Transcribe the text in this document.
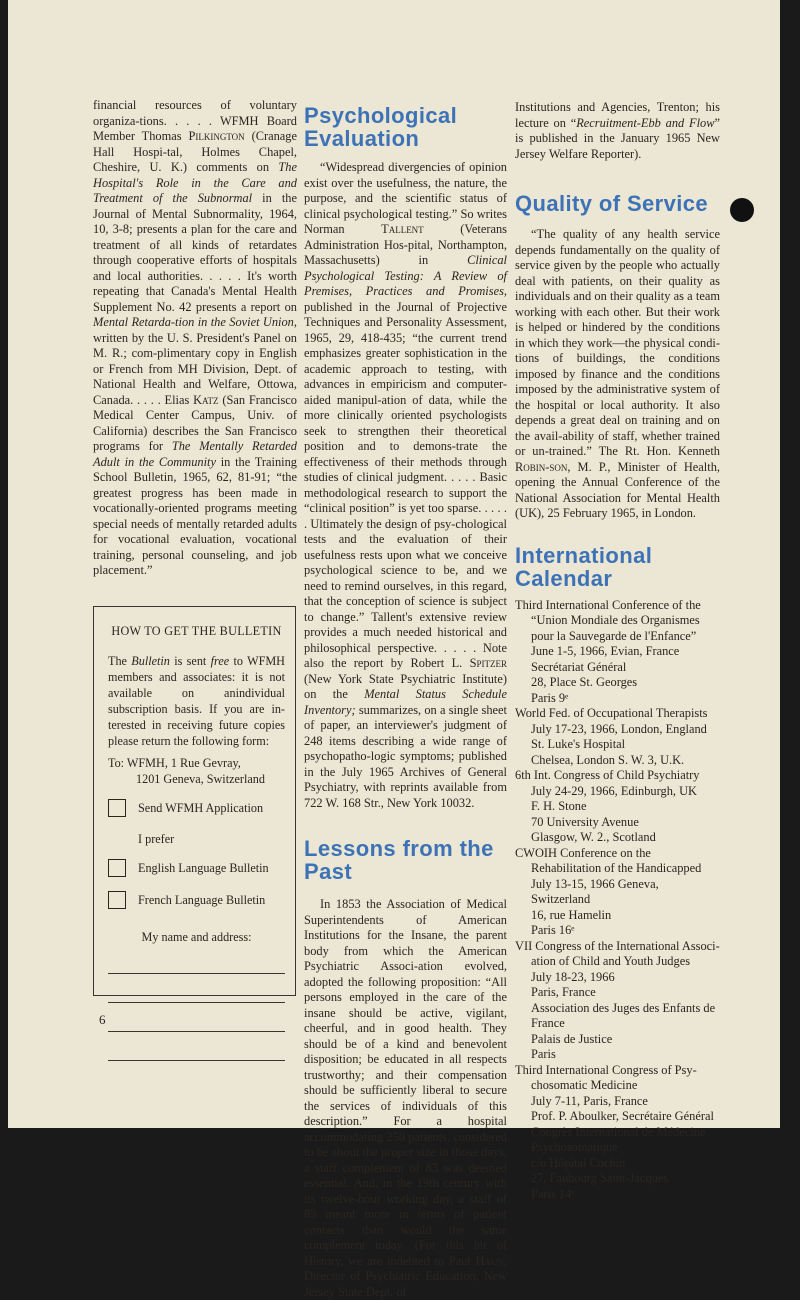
financial resources of voluntary organiza-tions. . . . . WFMH Board Member Thomas Pilkington (Cranage Hall Hospi-tal, Holmes Chapel, Cheshire, U. K.) comments on The Hospital's Role in the Care and Treatment of the Subnormal in the Journal of Mental Subnormality, 1964, 10, 3-8; presents a plan for the care and treatment of all kinds of retardates through cooperative efforts of hospitals and local authorities. . . . . It's worth repeating that Canada's Mental Health Supplement No. 42 presents a report on Mental Retarda-tion in the Soviet Union, written by the U. S. President's Panel on M. R.; com-plimentary copy in English or French from MH Division, Dept. of National Health and Welfare, Ottowa, Canada. . . . . Elias Katz (San Francisco Medical Center Campus, Univ. of California) describes the San Francisco programs for The Mentally Retarded Adult in the Community in the Training School Bulletin, 1965, 62, 81-91; “the greatest progress has been made in vocationally-oriented programs meeting special needs of mentally retarded adults for vocational evaluation, vocational training, personal counseling, and job placement.”

HOW TO GET THE BULLETIN

The Bulletin is sent free to WFMH members and associates: it is not available on anindividual subscription basis. If you are in-terested in receiving future copies please return the following form:

To: WFMH, 1 Rue Gevray,

1201 Geneva, Switzerland

Send WFMH Application

I prefer

English Language Bulletin
French Language Bulletin

My name and address:

Psychological Evaluation

“Widespread divergencies of opinion exist over the usefulness, the nature, the purpose, and the scientific status of clinical psychological testing.” So writes Norman Tallent (Veterans Administration Hos-pital, Northampton, Massachusetts) in Clinical Psychological Testing: A Review of Premises, Practices and Promises, published in the Journal of Projective Techniques and Personality Assessment, 1965, 29, 418-435; “the current trend emphasizes greater sophistication in the academic approach to testing, with advances in empiricism and computer-aided manipul-ation of data, while the more clinically oriented psychologists seek to strengthen their theoretical position and to demons-trate the effectiveness of their methods through studies of clinical judgment. . . . . Basic methodological research to support the “clinical position” is yet too sparse. . . . . . Ultimately the design of psy-chological tests and the evaluation of their usefulness rests upon what we conceive psychological science to be, and we need to remind ourselves, in this regard, that the conception of science is subject to change.” Tallent's extensive review provides a much needed historical and philosophical perspective. . . . . Note also the report by Robert L. Spitzer (New York State Psychiatric Institute) on the Mental Status Schedule Inventory; summarizes, on a single sheet of paper, an interviewer's judgment of 248 items describing a wide range of psychopatho-logic symptoms; published in the July 1965 Archives of General Psychiatry, with reprints available from 722 W. 168 Str., New York 10032.

Lessons from the Past

In 1853 the Association of Medical Superintendents of American Institutions for the Insane, the parent body from which the American Psychiatric Associ-ation evolved, adopted the following proposition: “All persons employed in the care of the insane should be active, vigilant, cheerful, and in good health. They should be of a kind and benevolent disposition; be educated in all respects trustworthy; and their compensation should be sufficiently liberal to secure the services of individuals of this description.” For a hospital accommodating 250 patients, considered to be about the proper size in those days, a staff complement of 83 was deemed essential. And, in the 19th century with its twelve-hour working day, a staff of 83 meant more in terms of patient contacts than would the same complement today. (For this bit of History, we are indebted to Paul Haun, Director of Psychiatric Education, New Jersey State Dept. of

Institutions and Agencies, Trenton; his lecture on “Recruitment-Ebb and Flow” is published in the January 1965 New Jersey Welfare Reporter).

Quality of Service

“The quality of any health service depends fundamentally on the quality of service given by the people who actually deal with patients, on their quality as individuals and on their quality as a team working with each other. But their work is helped or hindered by the conditions in which they work—the physical condi-tions of buildings, the conditions imposed by finance and the conditions imposed by the administrative system of the hospital or local authority. It also depends a great deal on training and on the avail-ability of staff, whether trained or un-trained.” The Rt. Hon. Kenneth Robin-son, M. P., Minister of Health, opening the Annual Conference of the National Association for Mental Health (UK), 25 February 1965, in London.

International Calendar
Third International Conference of the “Union Mondiale des Organismes pour la Sauvegarde de l'Enfance”
June 1-5, 1966, Evian, France
Secrétariat Général
28, Place St. Georges
Paris 9ᵉ
World Fed. of Occupational Therapists
July 17-23, 1966, London, England
St. Luke's Hospital
Chelsea, London S. W. 3, U.K.
6th Int. Congress of Child Psychiatry
July 24-29, 1966, Edinburgh, UK
F. H. Stone
70 University Avenue
Glasgow, W. 2., Scotland
CWOIH Conference on the Rehabilitation of the Handicapped
July 13-15, 1966 Geneva, Switzerland
16, rue Hamelin
Paris 16ᵉ
VII Congress of the International Associ-ation of Child and Youth Judges
July 18-23, 1966
Paris, France
Association des Juges des Enfants de France
Palais de Justice
Paris
Third International Congress of Psy-chosomatic Medicine
July 7-11, Paris, France
Prof. P. Aboulker, Secrétaire Général
Congrès International de Médecine
Psychosomatique
c/o Hôpital Cochin
27, Faubourg Saint-Jacques
Paris 14ᵉ
6
